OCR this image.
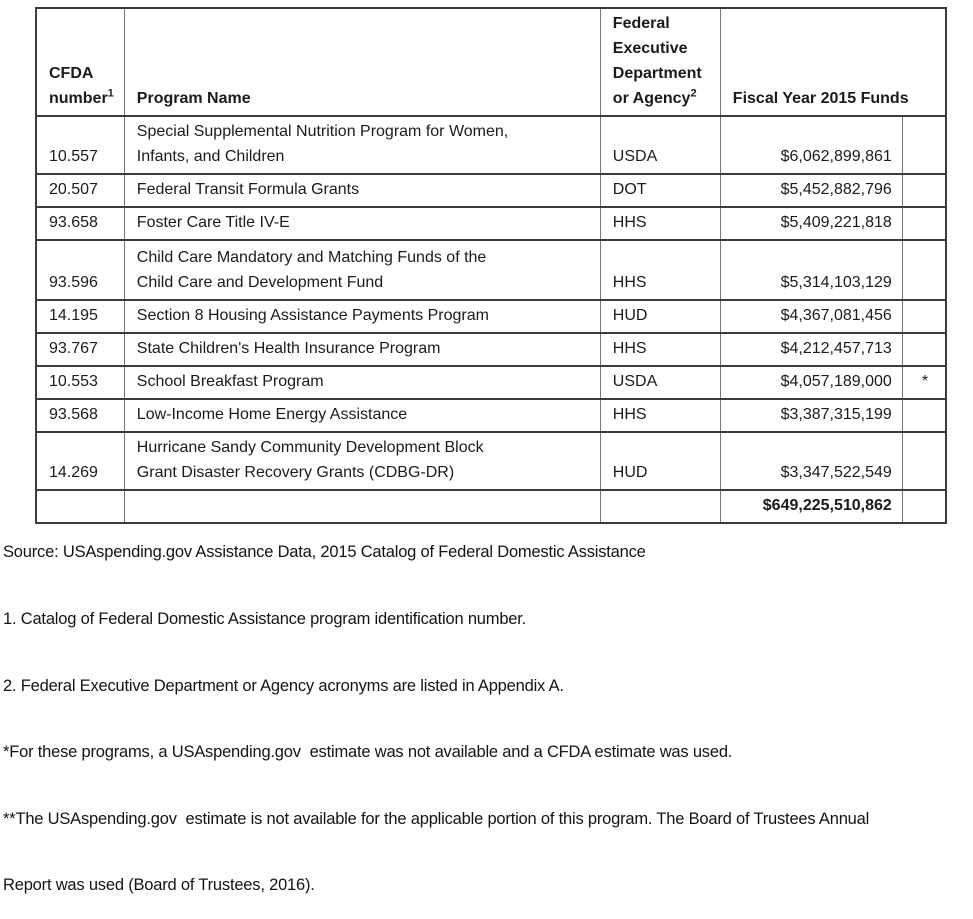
CFDA
number$^1$	Program Name	Federal
Executive
Department
or Agency$^2$	Fiscal Year 2015 Funds	
10.557	Special Supplemental Nutrition Program for Women,
Infants, and Children	USDA	$6,062,899,861	
20.507	Federal Transit Formula Grants	DOT	$5,452,882,796	
93.658	Foster Care Title IV-E	HHS	$5,409,221,818	
93.596	Child Care Mandatory and Matching Funds of the
Child Care and Development Fund	HHS	$5,314,103,129	
14.195	Section 8 Housing Assistance Payments Program	HUD	$4,367,081,456	
93.767	State Children's Health Insurance Program	HHS	$4,212,457,713	
10.553	School Breakfast Program	USDA	$4,057,189,000	*
93.568	Low-Income Home Energy Assistance	HHS	$3,387,315,199	
14.269	Hurricane Sandy Community Development Block
Grant Disaster Recovery Grants (CDBG-DR)	HUD	$3,347,522,549	
			$649,225,510,862	

Source: USAspending.gov Assistance Data, 2015 Catalog of Federal Domestic Assistance

1. Catalog of Federal Domestic Assistance program identification number.

2. Federal Executive Department or Agency acronyms are listed in Appendix A.

*For these programs, a USAspending.gov  estimate was not available and a CFDA estimate was used.

**The USAspending.gov  estimate is not available for the applicable portion of this program. The Board of Trustees Annual

Report was used (Board of Trustees, 2016).
